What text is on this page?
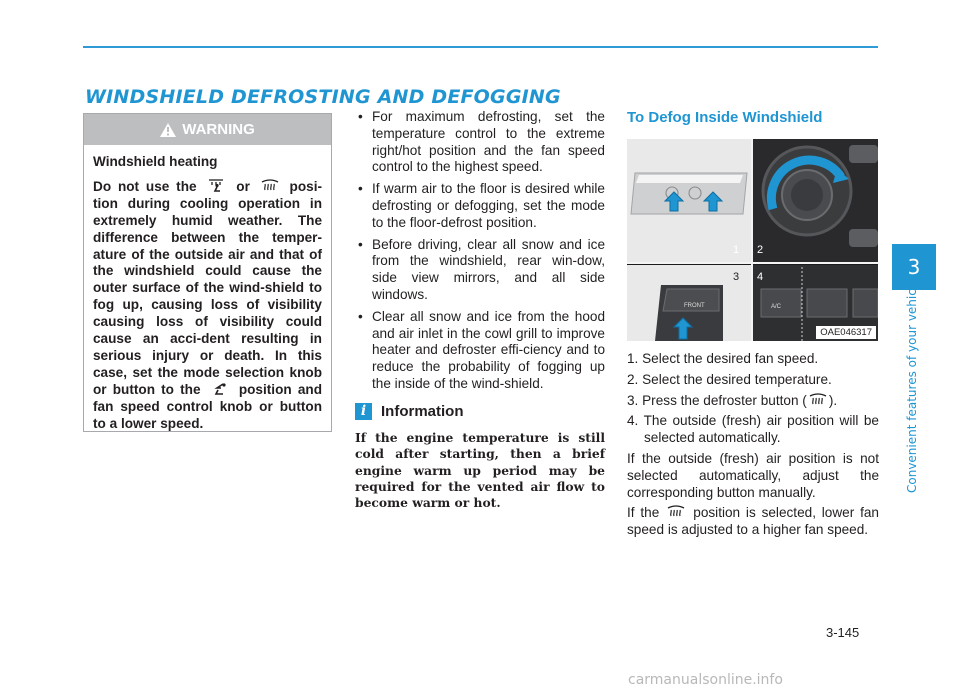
WINDSHIELD DEFROSTING AND DEFOGGING
3
Convenient features of your vehicle
WARNING
Windshield heating

Do not use the	or	posi-tion during cooling operation in extremely humid weather. The difference between the temper-ature of the outside air and that of the windshield could cause the outer surface of the wind-shield to fog up, causing loss of visibility causing loss of visibility could cause an acci-dent resulting in serious injury or death. In this case, set the mode selection knob or button to the	position and fan speed control knob or button to a lower speed.

• For maximum defrosting, set the temperature control to the extreme right/hot position and the fan speed control to the highest speed.
• If warm air to the floor is desired while defrosting or defogging, set the mode to the floor-defrost position.
• Before driving, clear all snow and ice from the windshield, rear win-dow, side view mirrors, and all side windows.
• Clear all snow and ice from the hood and air inlet in the cowl grill to improve heater and defroster effi-ciency and to reduce the probability of fogging up the inside of the wind-shield.
i Information
If the engine temperature is still cold after starting, then a brief engine warm up period may be required for the vented air flow to become warm or hot.
To Defog Inside Windshield
FRONT	A/C
1 2
3 4
OAE046317

1. Select the desired fan speed.

2. Select the desired temperature.

3. Press the defroster button ( ).

4. The outside (fresh) air position will be selected automatically.

If the outside (fresh) air position is not selected automatically, adjust the corresponding button manually.

If the	position is selected, lower fan speed is adjusted to a higher fan speed.

3-145
carmanualsonline.info
